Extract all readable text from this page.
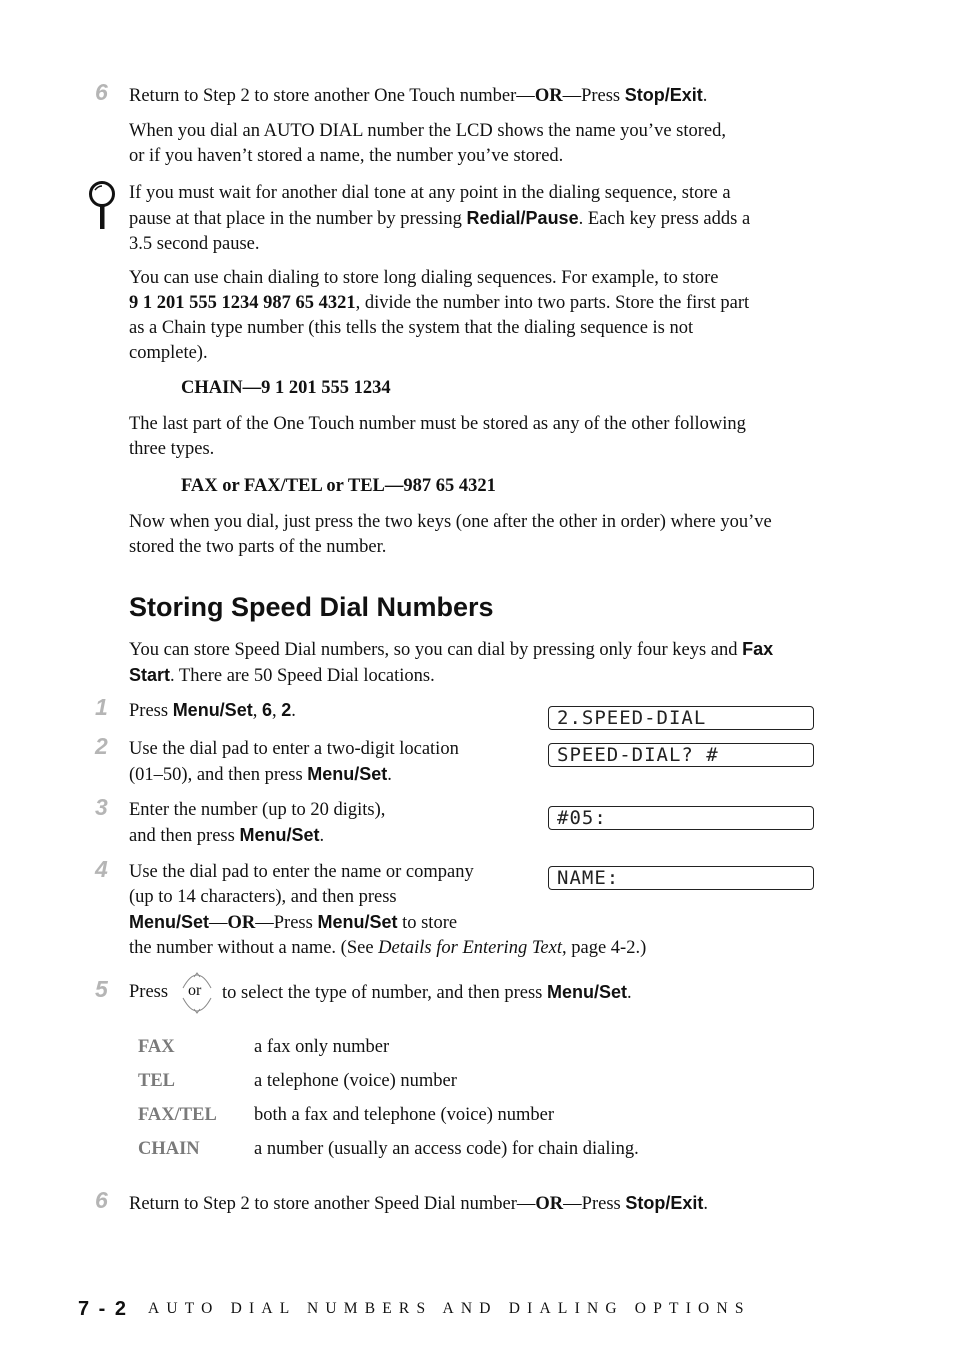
6 Return to Step 2 to store another One Touch number—OR—Press Stop/Exit.

When you dial an AUTO DIAL number the LCD shows the name you’ve stored,
or if you haven’t stored a name, the number you’ve stored.

If you must wait for another dial tone at any point in the dialing sequence, store a
pause at that place in the number by pressing Redial/Pause. Each key press adds a
3.5 second pause.

You can use chain dialing to store long dialing sequences. For example, to store
9 1 201 555 1234 987 65 4321, divide the number into two parts. Store the first part
as a Chain type number (this tells the system that the dialing sequence is not
complete).

CHAIN—9 1 201 555 1234

The last part of the One Touch number must be stored as any of the other following
three types.

FAX or FAX/TEL or TEL—987 65 4321

Now when you dial, just press the two keys (one after the other in order) where you’ve
stored the two parts of the number.

Storing Speed Dial Numbers

You can store Speed Dial numbers, so you can dial by pressing only four keys and Fax
Start. There are 50 Speed Dial locations.

1 Press Menu/Set, 6, 2.

2 Use the dial pad to enter a two-digit location
(01–50), and then press Menu/Set.

3 Enter the number (up to 20 digits),
and then press Menu/Set.

4 Use the dial pad to enter the name or company
(up to 14 characters), and then press
Menu/Set—OR—Press Menu/Set to store
the number without a name. (See Details for Entering Text, page 4-2.)

2.SPEED-DIAL
SPEED-DIAL? #
#05:
NAME:
5 Press or to select the type of number, and then press Menu/Set.
FAX	a fax only number
TEL	a telephone (voice) number
FAX/TEL both a fax and telephone (voice) number
CHAIN	a number (usually an access code) for chain dialing.
6 Return to Step 2 to store another Speed Dial number—OR—Press Stop/Exit.

7 - 2 AUTO DIAL NUMBERS AND DIALING OPTIONS
